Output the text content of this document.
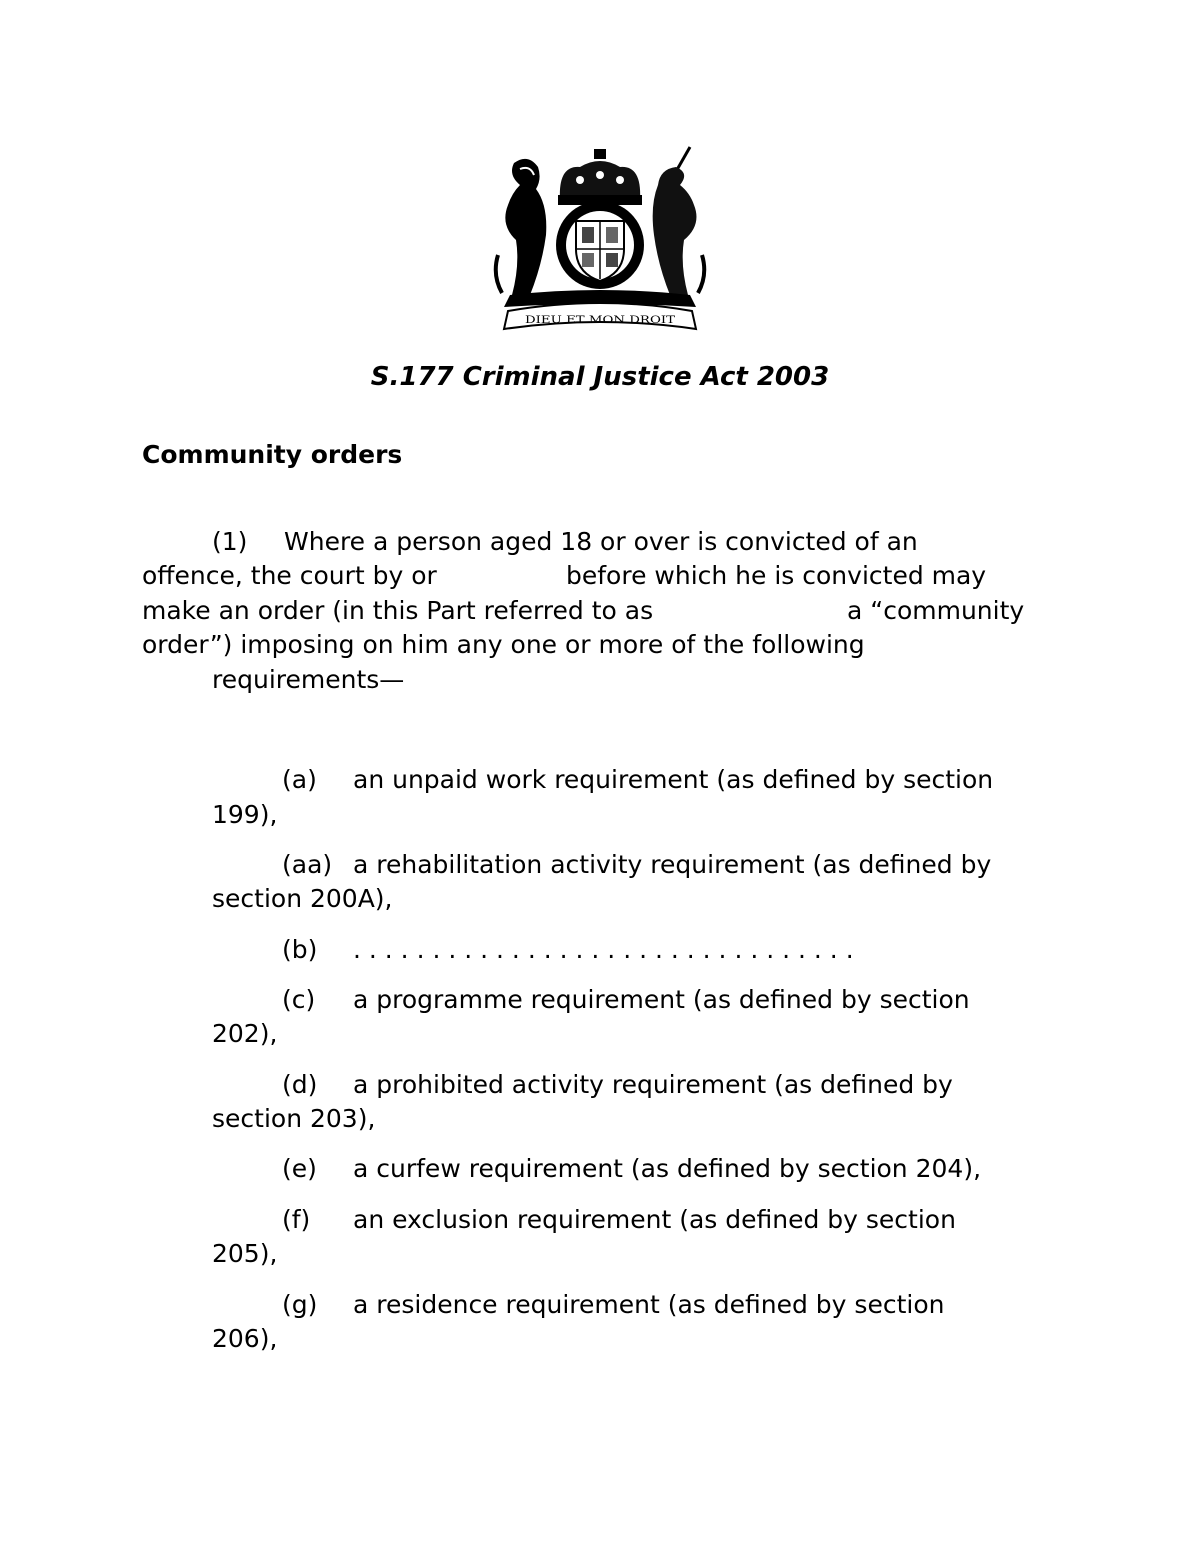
DIEU ET MON DROIT
S.177 Criminal Justice Act 2003
Community orders
(1) Where a person aged 18 or over is convicted of an

offence, the court by or	before which he is convicted may

make an order (in this Part referred to as	a “community

order”) imposing on him any one or more of the following

requirements—

(a) an unpaid work requirement (as defined by section

199),

(aa) a rehabilitation activity requirement (as defined by

section 200A),

(b) . . . . . . . . . . . . . . . . . . . . . . . . . . . . . . . .

(c) a programme requirement (as defined by section

202),

(d) a prohibited activity requirement (as defined by

section 203),

(e) a curfew requirement (as defined by section 204),

(f) an exclusion requirement (as defined by section

205),

(g) a residence requirement (as defined by section

206),
